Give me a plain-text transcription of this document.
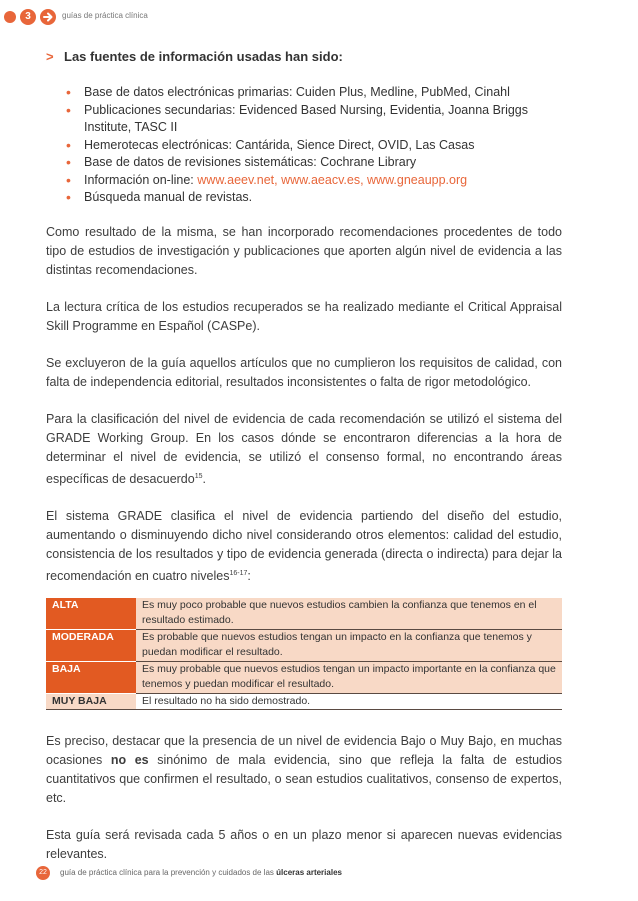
3	guías de práctica clínica

> Las fuentes de información usadas han sido:

• Base de datos electrónicas primarias: Cuiden Plus, Medline, PubMed, Cinahl
• Publicaciones secundarias: Evidenced Based Nursing, Evidentia, Joanna Briggs Institute, TASC II
• Hemerotecas electrónicas: Cantárida, Sience Direct, OVID, Las Casas
• Base de datos de revisiones sistemáticas: Cochrane Library
• Información on-line: www.aeev.net, www.aeacv.es, www.gneaupp.org
• Búsqueda manual de revistas.

Como resultado de la misma, se han incorporado recomendaciones procedentes de todo tipo de estudios de investigación y publicaciones que aporten algún nivel de evidencia a las distintas recomendaciones.

La lectura crítica de los estudios recuperados se ha realizado mediante el Critical Appraisal Skill Programme en Español (CASPe).

Se excluyeron de la guía aquellos artículos que no cumplieron los requisitos de calidad, con falta de independencia editorial, resultados inconsistentes o falta de rigor metodológico.

Para la clasificación del nivel de evidencia de cada recomendación se utilizó el sistema del GRADE Working Group. En los casos dónde se encontraron diferencias a la hora de determinar el nivel de evidencia, se utilizó el consenso formal, no encontrando áreas específicas de desacuerdo$^{15}$.

El sistema GRADE clasifica el nivel de evidencia partiendo del diseño del estudio, aumentando o disminuyendo dicho nivel considerando otros elementos: calidad del estudio, consistencia de los resultados y tipo de evidencia generada (directa o indirecta) para dejar la recomendación en cuatro niveles$^{16-17}$:

ALTA	Es muy poco probable que nuevos estudios cambien la confianza que tenemos en el resultado estimado.
MODERADA	Es probable que nuevos estudios tengan un impacto en la confianza que tenemos y puedan modificar el resultado.
BAJA	Es muy probable que nuevos estudios tengan un impacto importante en la confianza que tenemos y puedan modificar el resultado.
MUY BAJA	El resultado no ha sido demostrado.

Es preciso, destacar que la presencia de un nivel de evidencia Bajo o Muy Bajo, en muchas ocasiones no es sinónimo de mala evidencia, sino que refleja la falta de estudios cuantitativos que confirmen el resultado, o sean estudios cualitativos, consenso de expertos, etc.

Esta guía será revisada cada 5 años o en un plazo menor si aparecen nuevas evidencias relevantes.

22	guía de práctica clínica para la prevención y cuidados de las úlceras arteriales
